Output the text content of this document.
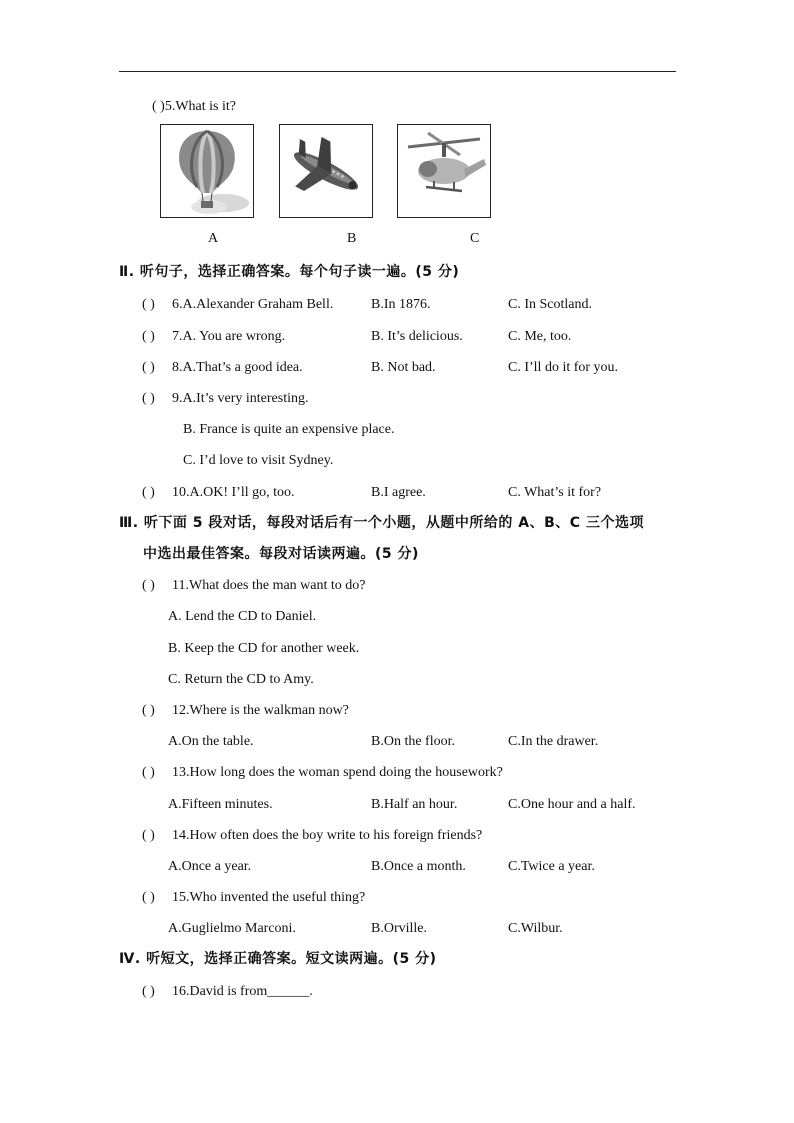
( )5.What is it?
A	B	C
Ⅱ. 听句子，选择正确答案。每个句子读一遍。(5 分)
( ) 6.A.Alexander Graham Bell.	B.In 1876.	C. In Scotland.
( ) 7.A. You are wrong.	B. It’s delicious.	C. Me, too.
( ) 8.A.That’s a good idea.	B. Not bad.	C. I’ll do it for you.
( ) 9.A.It’s very interesting.
B. France is quite an expensive place.
C. I’d love to visit Sydney.
( ) 10.A.OK! I’ll go, too.	B.I agree.	C. What’s it for?
Ⅲ. 听下面 5 段对话，每段对话后有一个小题，从题中所给的 A、B、C 三个选项
中选出最佳答案。每段对话读两遍。(5 分)
( ) 11.What does the man want to do?
A. Lend the CD to Daniel.
B. Keep the CD for another week.
C. Return the CD to Amy.
( ) 12.Where is the walkman now?
A.On the table.	B.On the floor.	C.In the drawer.
( ) 13.How long does the woman spend doing the housework?
A.Fifteen minutes.	B.Half an hour.	C.One hour and a half.
( ) 14.How often does the boy write to his foreign friends?
A.Once a year.	B.Once a month.	C.Twice a year.
( ) 15.Who invented the useful thing?
A.Guglielmo Marconi.	B.Orville.	C.Wilbur.
Ⅳ. 听短文，选择正确答案。短文读两遍。(5 分)
( ) 16.David is from______.
